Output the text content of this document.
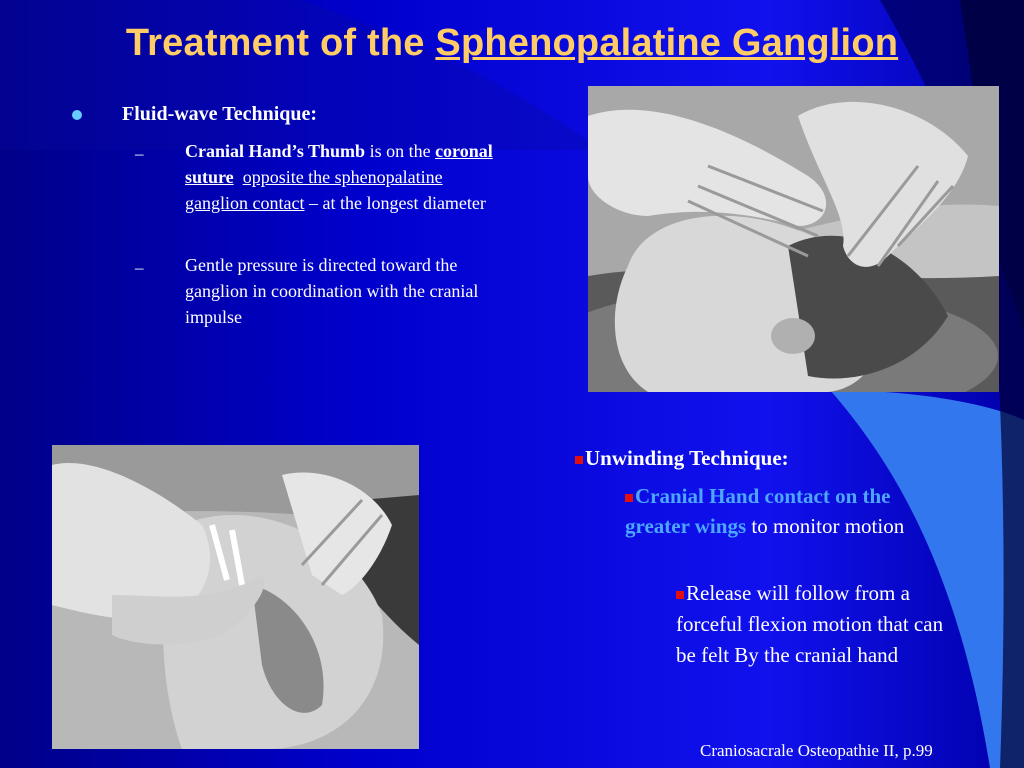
Treatment of the Sphenopalatine Ganglion
Fluid-wave Technique:
– Cranial Hand’s Thumb is on the coronal suture opposite the sphenopalatine ganglion contact – at the longest diameter
– Gentle pressure is directed toward the ganglion in coordination with the cranial impulse
Unwinding Technique:
Cranial Hand contact on the greater wings to monitor motion
Release will follow from a forceful flexion motion that can be felt By the cranial hand
Craniosacrale Osteopathie II, p.99
